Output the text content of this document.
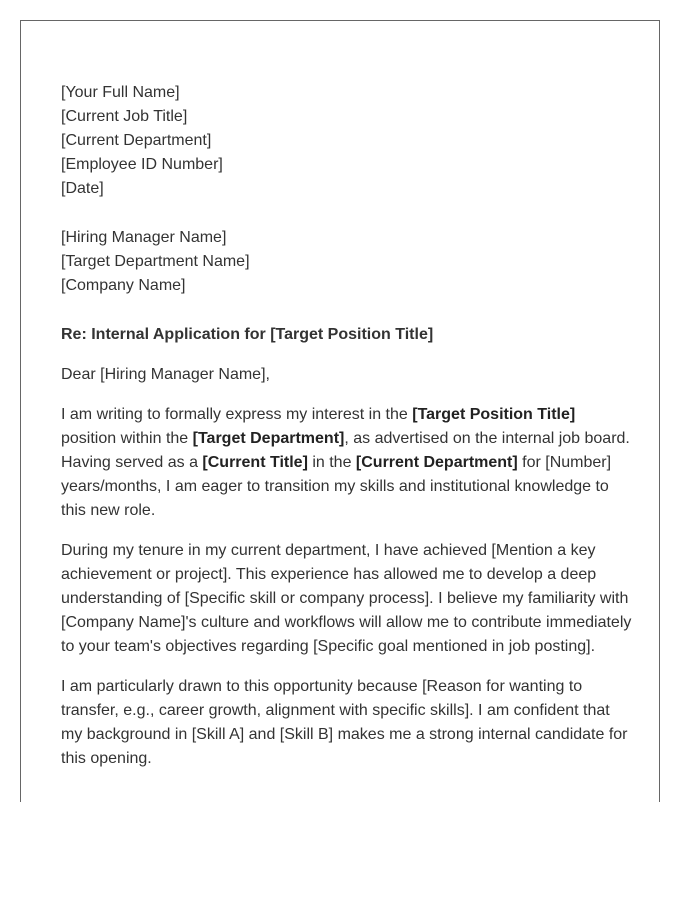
[Your Full Name]
[Current Job Title]
[Current Department]
[Employee ID Number]
[Date]
[Hiring Manager Name]
[Target Department Name]
[Company Name]
Re: Internal Application for [Target Position Title]
Dear [Hiring Manager Name],
I am writing to formally express my interest in the [Target Position Title] position within the [Target Department], as advertised on the internal job board. Having served as a [Current Title] in the [Current Department] for [Number] years/months, I am eager to transition my skills and institutional knowledge to this new role.
During my tenure in my current department, I have achieved [Mention a key achievement or project]. This experience has allowed me to develop a deep understanding of [Specific skill or company process]. I believe my familiarity with [Company Name]'s culture and workflows will allow me to contribute immediately to your team's objectives regarding [Specific goal mentioned in job posting].
I am particularly drawn to this opportunity because [Reason for wanting to transfer, e.g., career growth, alignment with specific skills]. I am confident that my background in [Skill A] and [Skill B] makes me a strong internal candidate for this opening.
